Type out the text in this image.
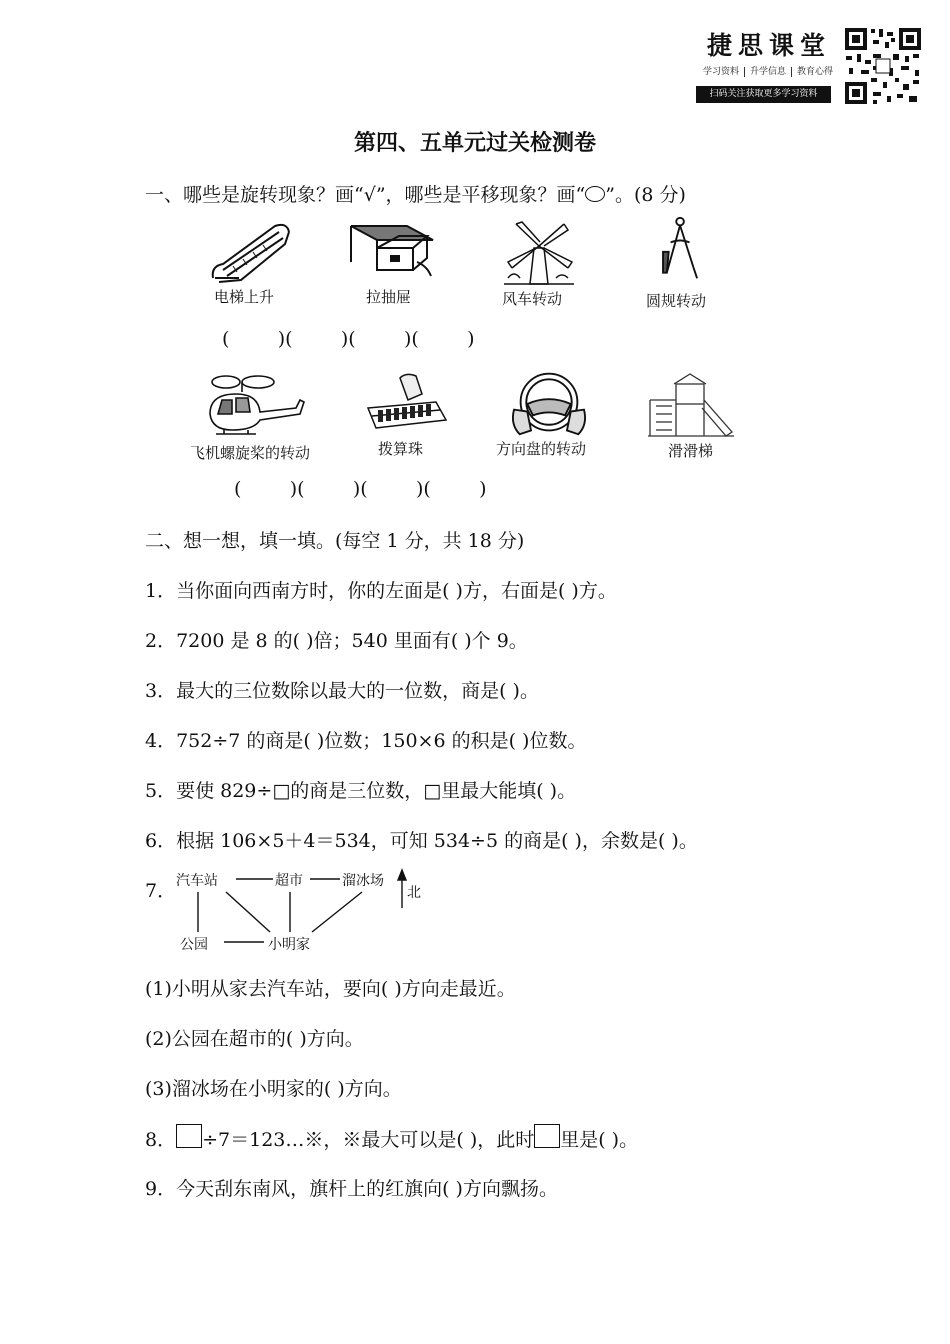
捷思课堂
学习资料 升学信息 教育心得
扫码关注获取更多学习资料
第四、五单元过关检测卷
一、哪些是旋转现象？画“√”，哪些是平移现象？画“ ”。(8 分)
电梯上升	拉抽屉	风车转动	圆规转动
(        )(        )(        )(        )
飞机螺旋桨的转动	拨算珠	方向盘的转动	滑滑梯
(        )(        )(        )(        )
二、想一想，填一填。(每空 1 分，共 18 分)
1．当你面向西南方时，你的左面是( )方，右面是( )方。
2．7200 是 8 的( )倍；540 里面有( )个 9。
3．最大的三位数除以最大的一位数，商是( )。
4．752÷7 的商是( )位数；150×6 的积是( )位数。
5．要使 829÷□的商是三位数，□里最大能填( )。
6．根据 106×5＋4＝534，可知 534÷5 的商是( )，余数是( )。
7． 汽车站	超市	溜冰场
北
公园	小明家
(1)小明从家去汽车站，要向( )方向走最近。
(2)公园在超市的( )方向。
(3)溜冰场在小明家的( )方向。
8． ÷7＝123…※，※最大可以是( )，此时 里是( )。
9．今天刮东南风，旗杆上的红旗向( )方向飘扬。
